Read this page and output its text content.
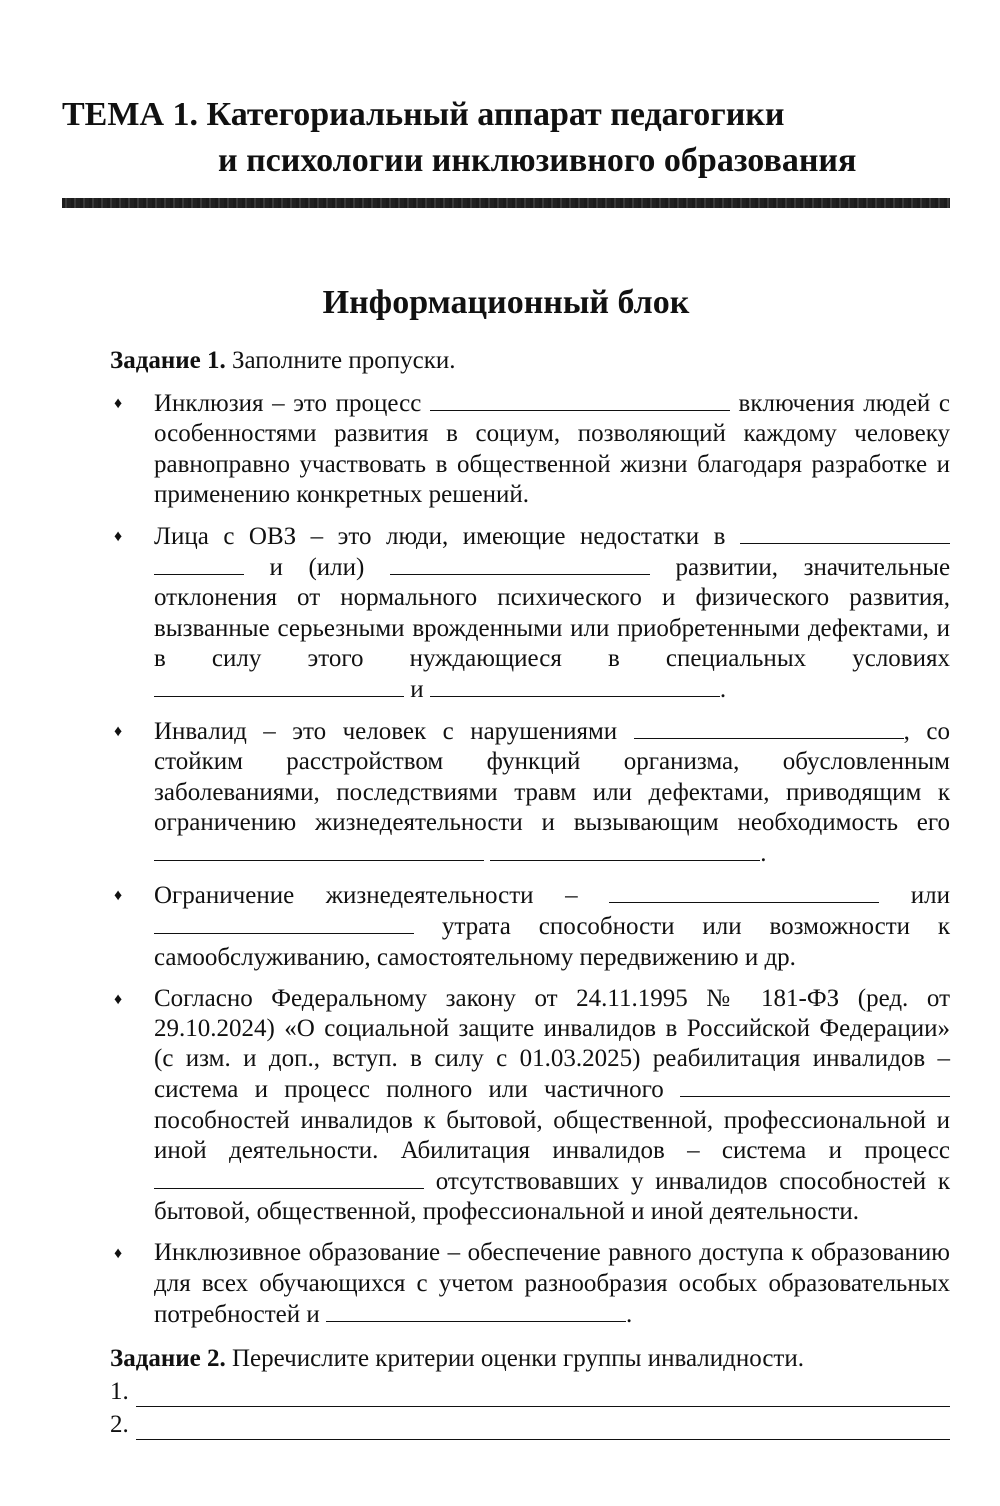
ТЕМА 1. Категориальный аппарат педагогики
и психологии инклюзивного образования
Информационный блок

Задание 1. Заполните пропуски.

♦ Инклюзия – это процесс	включения людей с особенностями развития в социум, позволяющий каждому человеку равноправно участвовать в общественной жизни благодаря разработке и применению конкретных решений.
♦ Лица с ОВЗ – это люди, имеющие недостатки в   и (или)	развитии, значительные отклонения от нормального психического и физического развития, вызванные серьезными врожденными или приобретенными дефектами, и в силу этого нуждающиеся в специальных условиях  и	.
♦ Инвалид – это человек с нарушениями	, со стойким расстройством функций организма, обусловленным заболеваниями, последствиями травм или дефектами, приводящим к ограничению жизнедеятельности и вызывающим необходимость его  .
♦ Ограничение жизнедеятельности –	или  утрата способности или возможности к самообслуживанию, самостоятельному передвижению и др.
♦ Согласно Федеральному закону от 24.11.1995 № 181-ФЗ (ред. от 29.10.2024) «О социальной защите инвалидов в Российской Федерации» (с изм. и доп., вступ. в силу с 01.03.2025) реабилитация инвалидов – система и процесс полного или частичного пособностей инвалидов к бытовой, общественной, профессиональной и иной деятельности. Абилитация инвалидов – система и процесс  отсутствовавших у инвалидов способностей к бытовой, общественной, профессиональной и иной деятельности.
♦ Инклюзивное образование – обеспечение равного доступа к образованию для всех обучающихся с учетом разнообразия особых образовательных потребностей и	.

Задание 2. Перечислите критерии оценки группы инвалидности.

1.
2.
